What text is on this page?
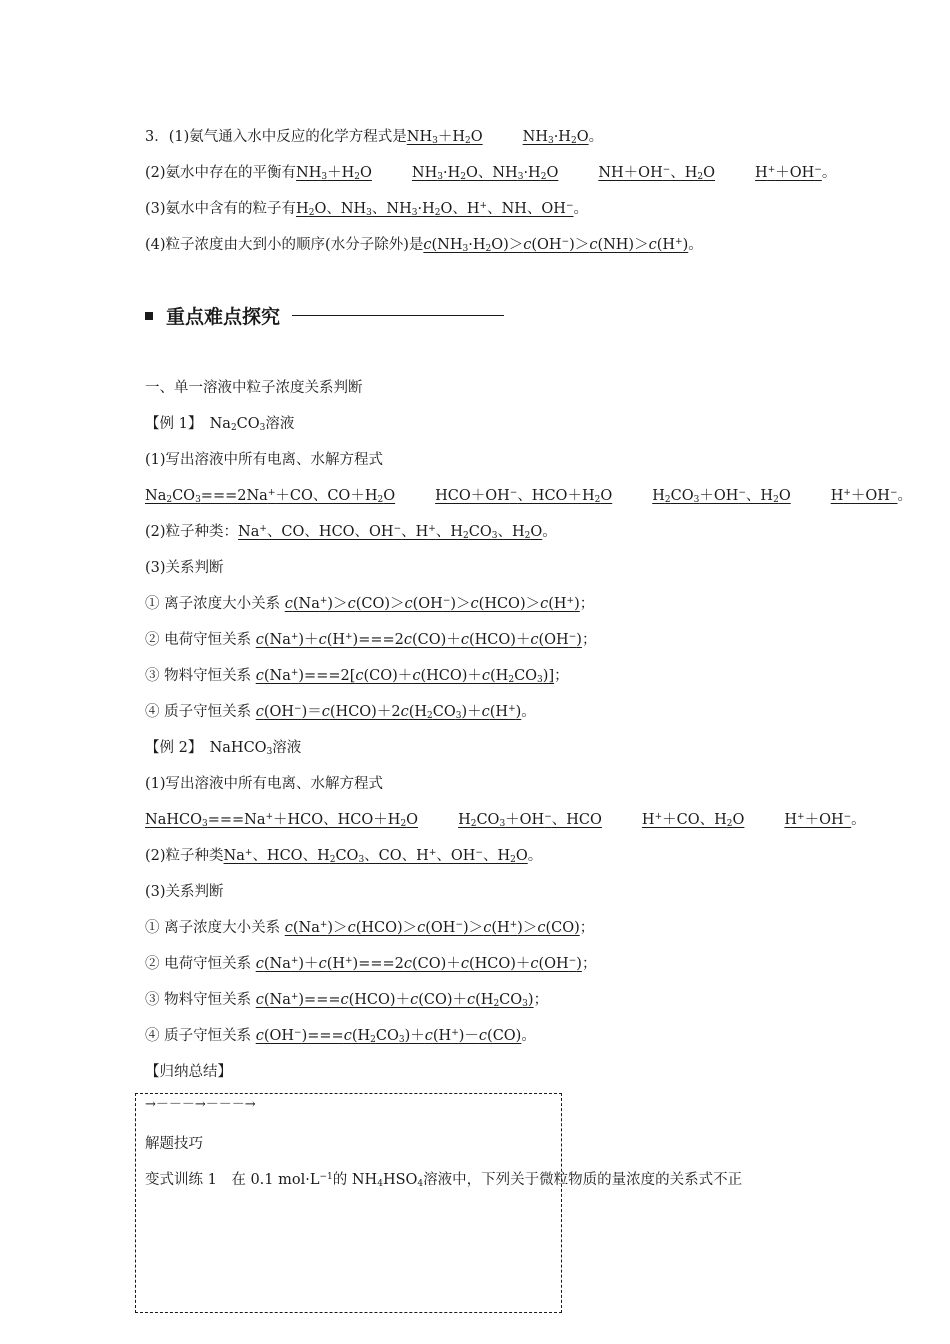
3．(1)氨气通入水中反应的化学方程式是$NH_3+H_2O$	$NH_3\cdot H_2O$。
(2)氨水中存在的平衡有$NH_3+H_2O$	$NH_3\cdot H_2O$、$NH_3\cdot H_2O$	NH＋OH−、$H_2O$	H+＋OH−。
(3)氨水中含有的粒子有$H_2O$、$NH_3$、$NH_3\cdot H_2O$、H+、NH、OH−。
(4)粒子浓度由大到小的顺序(水分子除外)是$c(NH_3\cdot H_2O)>c(OH^-)>c(NH)>c(H^+)$。
重点难点探究
一、单一溶液中粒子浓度关系判断
【例 1】　$Na_2CO_3$溶液
(1)写出溶液中所有电离、水解方程式
$Na_2CO_3===2Na^++CO$、$CO+H_2O$	HCO＋OH−、$HCO+H_2O$	$H_2CO_3+OH^-$、$H_2O$	H+＋OH−。
(2)粒子种类：Na+、CO、HCO、OH−、H+、$H_2CO_3$、$H_2O$。
(3)关系判断
① 离子浓度大小关系 c(Na+)＞c(CO)＞c(OH−)＞c(HCO)＞c(H+)；
② 电荷守恒关系 c(Na+)＋c(H+)===2c(CO)＋c(HCO)＋c(OH−)；
③ 物料守恒关系 $c(Na^+)===2[c(CO)+c(HCO)+c(H_2CO_3)]$；
④ 质子守恒关系 $c(OH^-)=c(HCO)+2c(H_2CO_3)+c(H^+)$。
【例 2】　NaHCO$_3$溶液
(1)写出溶液中所有电离、水解方程式
NaHCO$_3$===Na+＋HCO、$HCO+H_2O$	$H_2CO_3+OH^-$、HCO	H+＋CO、$H_2O$	H+＋OH−。
(2)粒子种类Na+、HCO、$H_2CO_3$、CO、H+、OH−、$H_2O$。
(3)关系判断
① 离子浓度大小关系 c(Na+)＞c(HCO)＞c(OH−)＞c(H+)＞c(CO)；
② 电荷守恒关系 c(Na+)＋c(H+)===2c(CO)＋c(HCO)＋c(OH−)；
③ 物料守恒关系 $c(Na^+)===c(HCO)+c(CO)+c(H_2CO_3)$；
④ 质子守恒关系 $c(OH^-)===c(H_2CO_3)+c(H^+)-c(CO)$。
【归纳总结】
→－－－→－－－→
解题技巧
变式训练 1　在 0.1 $mol\cdot L^{-1}$的 $NH_4HSO_4$溶液中，下列关于微粒物质的量浓度的关系式不正
